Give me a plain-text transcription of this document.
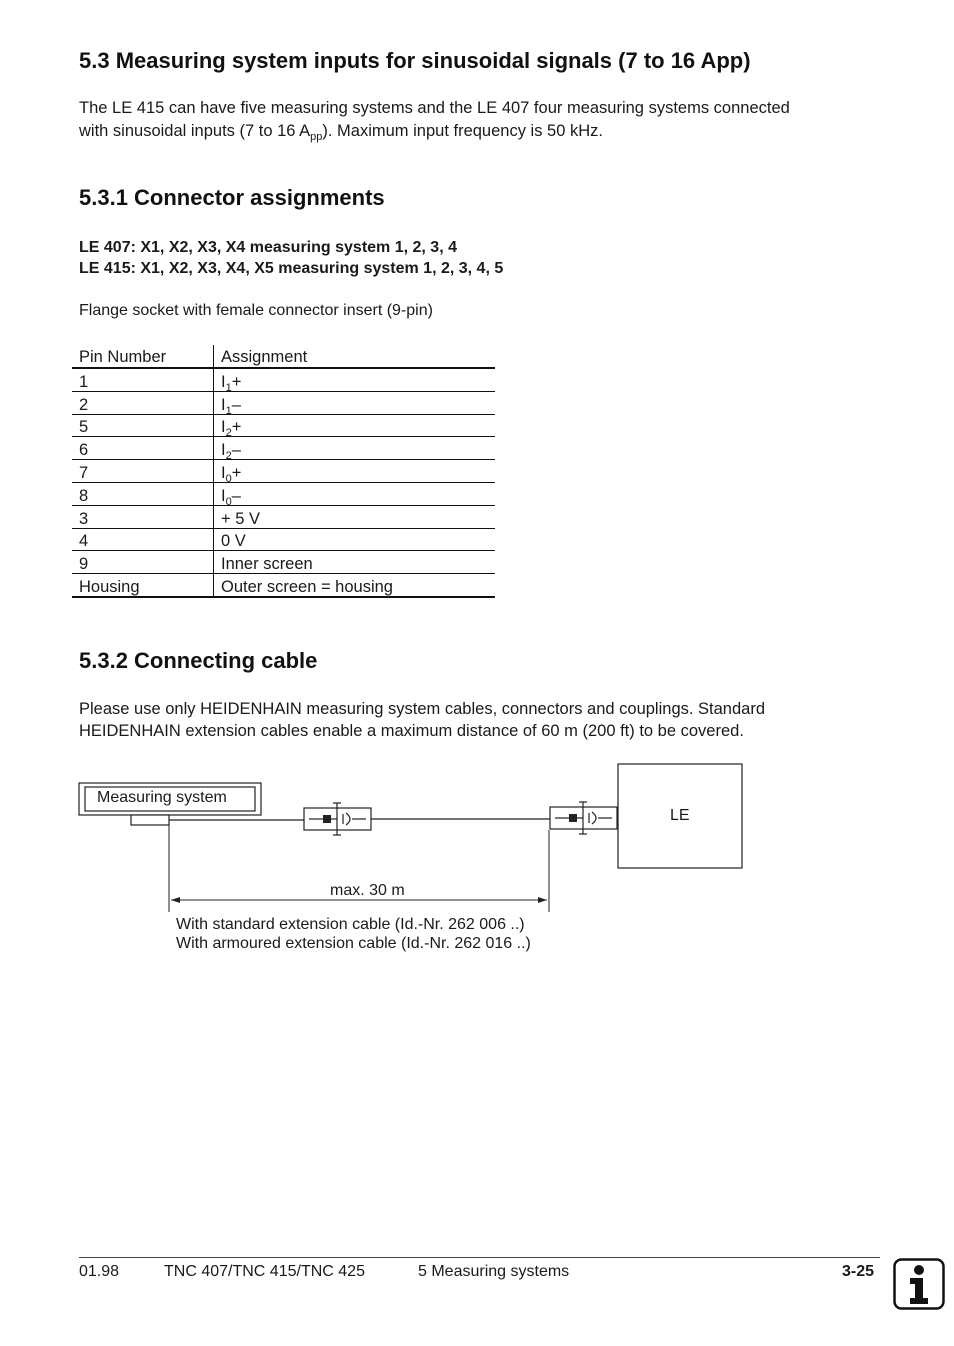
5.3 Measuring system inputs for sinusoidal signals (7 to 16 App)
The LE 415 can have five measuring systems and the LE 407 four measuring systems connected
with sinusoidal inputs (7 to 16 $A_{pp}$). Maximum input frequency is 50 kHz.
5.3.1 Connector assignments
LE 407: X1, X2, X3, X4 measuring system 1, 2, 3, 4
LE 415: X1, X2, X3, X4, X5 measuring system 1, 2, 3, 4, 5
Flange socket with female connector insert (9-pin)
Pin Number	Assignment
1	$I_1+$
2	$I_1-$
5	$I_2+$
6	$I_2-$
7	$I_0+$
8	$I_0-$
3	+ 5 V
4	0 V
9	Inner screen
Housing	Outer screen = housing
5.3.2 Connecting cable
Please use only HEIDENHAIN measuring system cables, connectors and couplings. Standard
HEIDENHAIN extension cables enable a maximum distance of 60 m (200 ft) to be covered.
Measuring system
LE
max. 30 m
With standard extension cable (Id.-Nr. 262 006 ..)
With armoured extension cable (Id.-Nr. 262 016 ..)
01.98	TNC 407/TNC 415/TNC 425	5 Measuring systems	3-25
